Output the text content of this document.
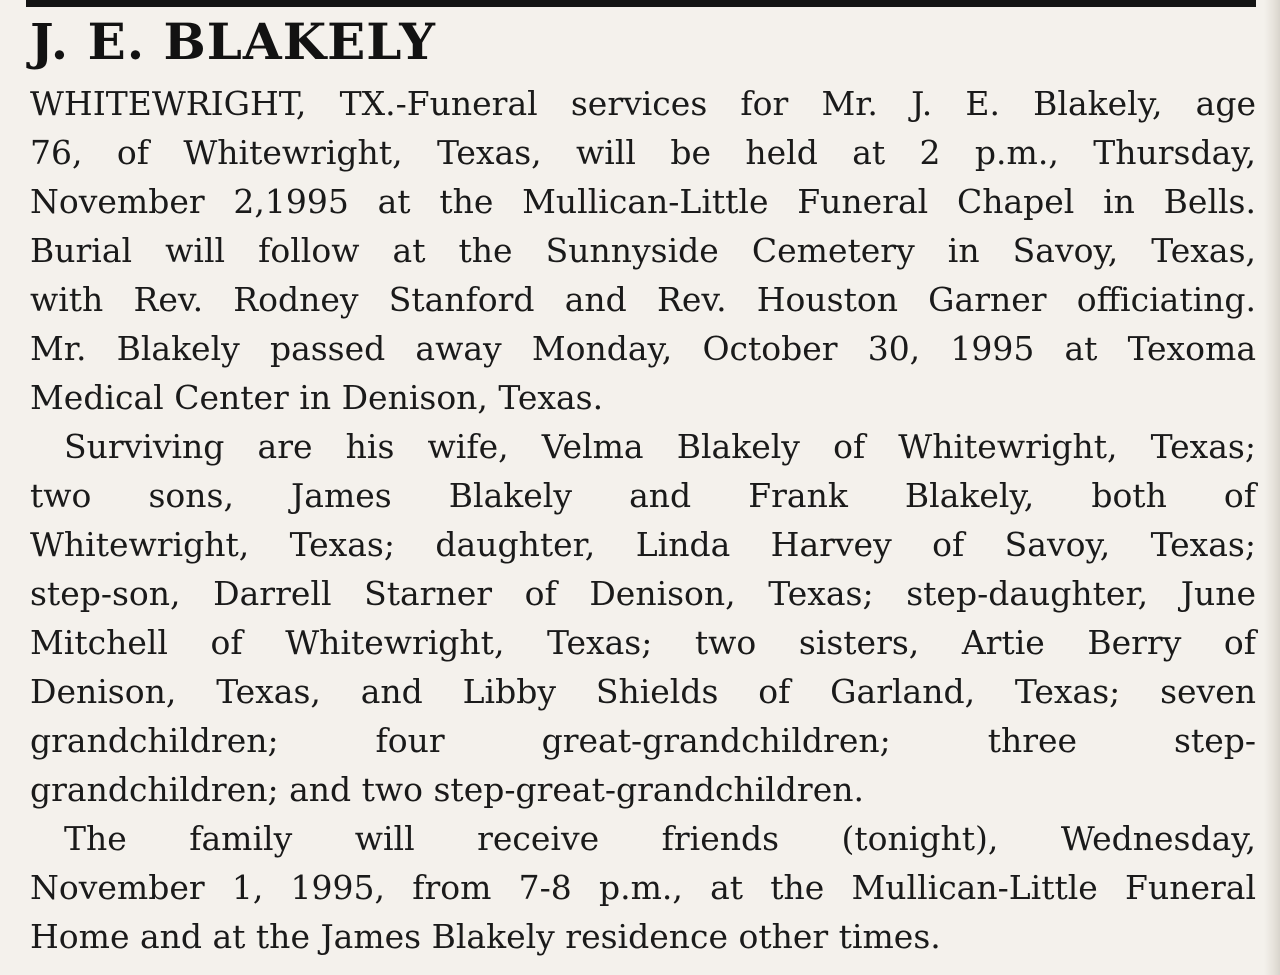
J. E. BLAKELY

WHITEWRIGHT, TX.-Funeral services for Mr. J. E. Blakely, age
76, of Whitewright, Texas, will be held at 2 p.m., Thursday,
November 2,1995 at the Mullican-Little Funeral Chapel in Bells.
Burial will follow at the Sunnyside Cemetery in Savoy, Texas,
with Rev. Rodney Stanford and Rev. Houston Garner officiating.
Mr. Blakely passed away Monday, October 30, 1995 at Texoma
Medical Center in Denison, Texas.

Surviving are his wife, Velma Blakely of Whitewright, Texas;
two sons, James Blakely and Frank Blakely, both of
Whitewright, Texas; daughter, Linda Harvey of Savoy, Texas;
step-son, Darrell Starner of Denison, Texas; step-daughter, June
Mitchell of Whitewright, Texas; two sisters, Artie Berry of
Denison, Texas, and Libby Shields of Garland, Texas; seven
grandchildren; four great-grandchildren; three step-
grandchildren; and two step-great-grandchildren.

The family will receive friends (tonight), Wednesday,
November 1, 1995, from 7-8 p.m., at the Mullican-Little Funeral
Home and at the James Blakely residence other times.
